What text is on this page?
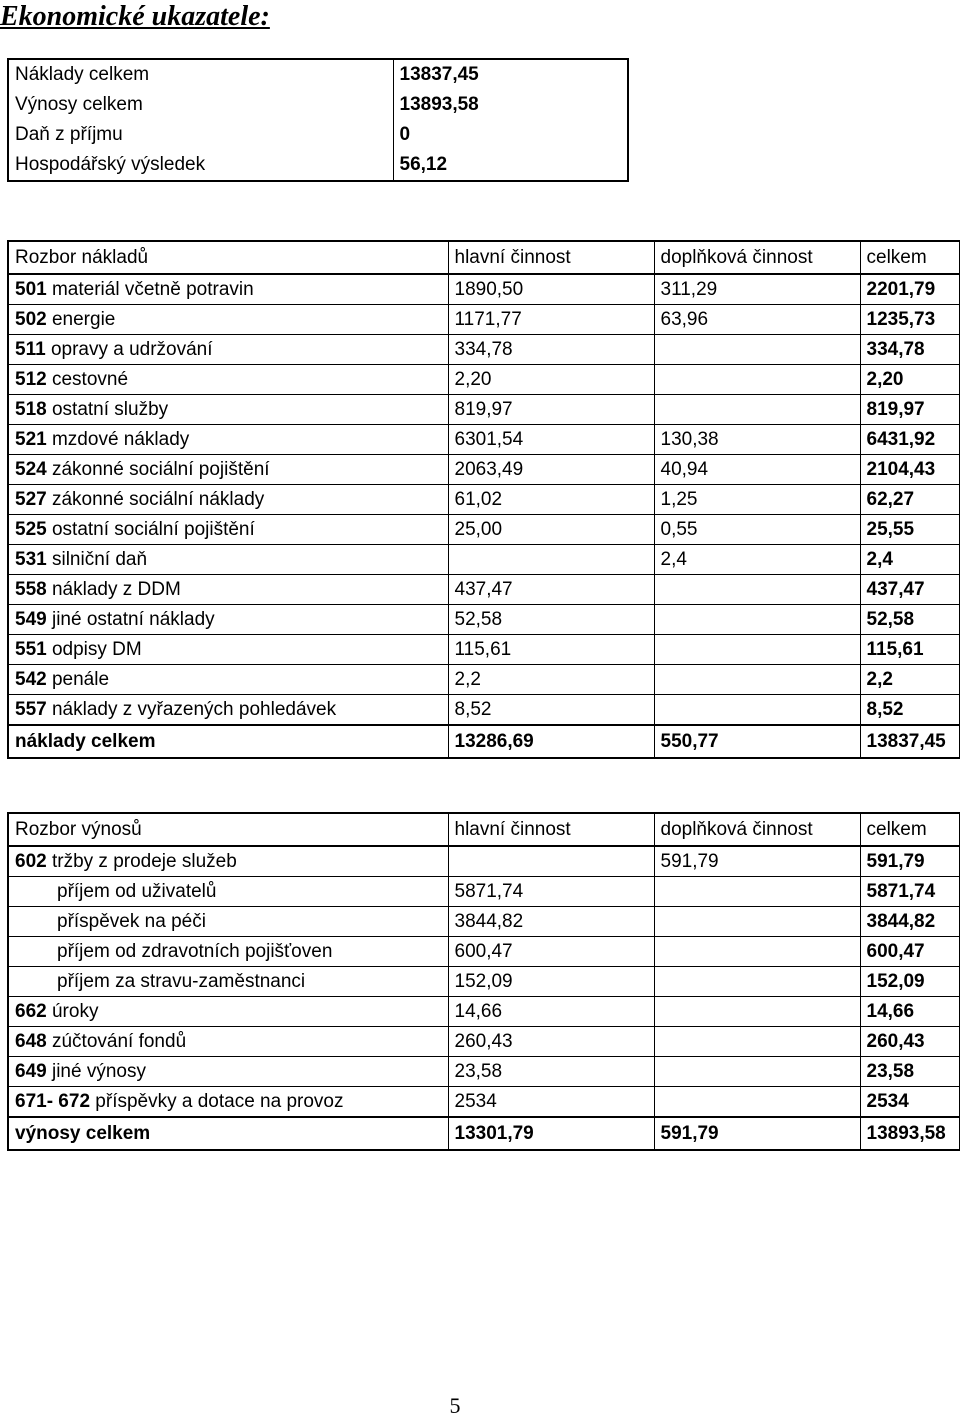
Ekonomické ukazatele:
Náklady celkem	13837,45
Výnosy celkem	13893,58
Daň z příjmu	0
Hospodářský výsledek	56,12
Rozbor nákladů	hlavní činnost	doplňková činnost	celkem
501 materiál včetně potravin	1890,50	311,29	2201,79
502 energie	1171,77	63,96	1235,73
511 opravy a udržování	334,78		334,78
512 cestovné	2,20		2,20
518 ostatní služby	819,97		819,97
521 mzdové náklady	6301,54	130,38	6431,92
524 zákonné sociální pojištění	2063,49	40,94	2104,43
527 zákonné sociální náklady	61,02	1,25	62,27
525 ostatní sociální pojištění	25,00	0,55	25,55
531 silniční daň		2,4	2,4
558 náklady z DDM	437,47		437,47
549 jiné ostatní náklady	52,58		52,58
551 odpisy DM	115,61		115,61
542 penále	2,2		2,2
557 náklady z vyřazených pohledávek	8,52		8,52
náklady celkem	13286,69	550,77	13837,45
Rozbor výnosů	hlavní činnost	doplňková činnost	celkem
602 tržby z prodeje služeb		591,79	591,79
příjem od uživatelů	5871,74		5871,74
příspěvek na péči	3844,82		3844,82
příjem od zdravotních pojišťoven	600,47		600,47
příjem za stravu-zaměstnanci	152,09		152,09
662 úroky	14,66		14,66
648 zúčtování fondů	260,43		260,43
649 jiné výnosy	23,58		23,58
671- 672 příspěvky a dotace na provoz	2534		2534
výnosy celkem	13301,79	591,79	13893,58
5
